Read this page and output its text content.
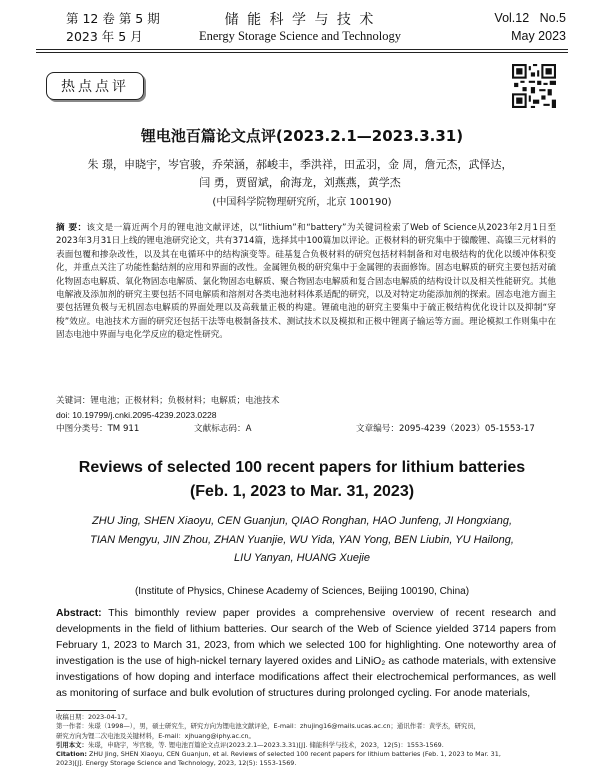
第 12 卷 第 5 期
2023 年 5 月
储 能 科 学 与 技 术
Energy Storage Science and Technology
Vol.12   No.5
May 2023
热点点评
锂电池百篇论文点评(2023.2.1—2023.3.31)
朱 璟，申晓宇，岑官骏，乔荣涵，郝峻丰，季洪祥，田孟羽，金 周，詹元杰，武怿达，
闫 勇，贾留斌，俞海龙，刘燕燕，黄学杰
(中国科学院物理研究所，北京 100190)
摘 要：该文是一篇近两个月的锂电池文献评述，以“lithium”和“battery”为关键词检索了Web of Science从2023年2月1日至2023年3月31日上线的锂电池研究论文，共有3714篇，选择其中100篇加以评论。正极材料的研究集中于镍酸锂、高镍三元材料的表面包覆和掺杂改性，以及其在电循环中的结构演变等。硅基复合负极材料的研究包括材料制备和对电极结构的优化以缓冲体积变化，并重点关注了功能性黏结剂的应用和界面的改性。金属锂负极的研究集中于金属锂的表面修饰。固态电解质的研究主要包括对硫化物固态电解质、氧化物固态电解质、氯化物固态电解质、聚合物固态电解质和复合固态电解质的结构设计以及相关性能研究。其他电解液及添加剂的研究主要包括不同电解质和溶剂对各类电池材料体系适配的研究，以及对特定功能添加剂的探索。固态电池方面主要包括锂负极与无机固态电解质的界面处理以及高载量正极的构建。锂硫电池的研究主要集中于硫正极结构优化设计以及抑制“穿梭”效应。电池技术方面的研究还包括干法等电极制备技术、测试技术以及模拟和正极中锂离子输运等方面。理论模拟工作则集中在固态电池中界面与电化学反应的稳定性研究。
关键词：锂电池；正极材料；负极材料；电解质；电池技术
doi: 10.19799/j.cnki.2095-4239.2023.0228
中图分类号：TM 911	文献标志码：A	文章编号：2095-4239（2023）05-1553-17
Reviews of selected 100 recent papers for lithium batteries
(Feb. 1, 2023 to Mar. 31, 2023)
ZHU Jing, SHEN Xiaoyu, CEN Guanjun, QIAO Ronghan, HAO Junfeng, JI Hongxiang,
TIAN Mengyu, JIN Zhou, ZHAN Yuanjie, WU Yida, YAN Yong, BEN Liubin, YU Hailong,
LIU Yanyan, HUANG Xuejie
(Institute of Physics, Chinese Academy of Sciences, Beijing 100190, China)
Abstract: This bimonthly review paper provides a comprehensive overview of recent research and developments in the field of lithium batteries. Our search of the Web of Science yielded 3714 papers from February 1, 2023 to March 31, 2023, from which we selected 100 for highlighting. One noteworthy area of investigation is the use of high-nickel ternary layered oxides and LiNiO₂ as cathode materials, with extensive investigations of how doping and interface modifications affect their electrochemical performances, as well as monitoring of surface and bulk evolution of structures during prolonged cycling. For anode materials,
收稿日期：2023-04-17。
第一作者：朱璟（1998—），男，硕士研究生，研究方向为锂电池文献评论，E-mail：zhujing16@mails.ucas.ac.cn；通讯作者：黄学杰，研究员，
研究方向为锂二次电池及关键材料，E-mail：xjhuang@iphy.ac.cn。
引用本文：朱璟，申晓宇，岑官骏，等. 锂电池百篇论文点评(2023.2.1—2023.3.31)[J]. 储能科学与技术，2023，12(5)：1553-1569.
Citation: ZHU Jing, SHEN Xiaoyu, CEN Guanjun, et al. Reviews of selected 100 recent papers for lithium batteries (Feb. 1, 2023 to Mar. 31,
2023)[J]. Energy Storage Science and Technology, 2023, 12(5): 1553-1569.
